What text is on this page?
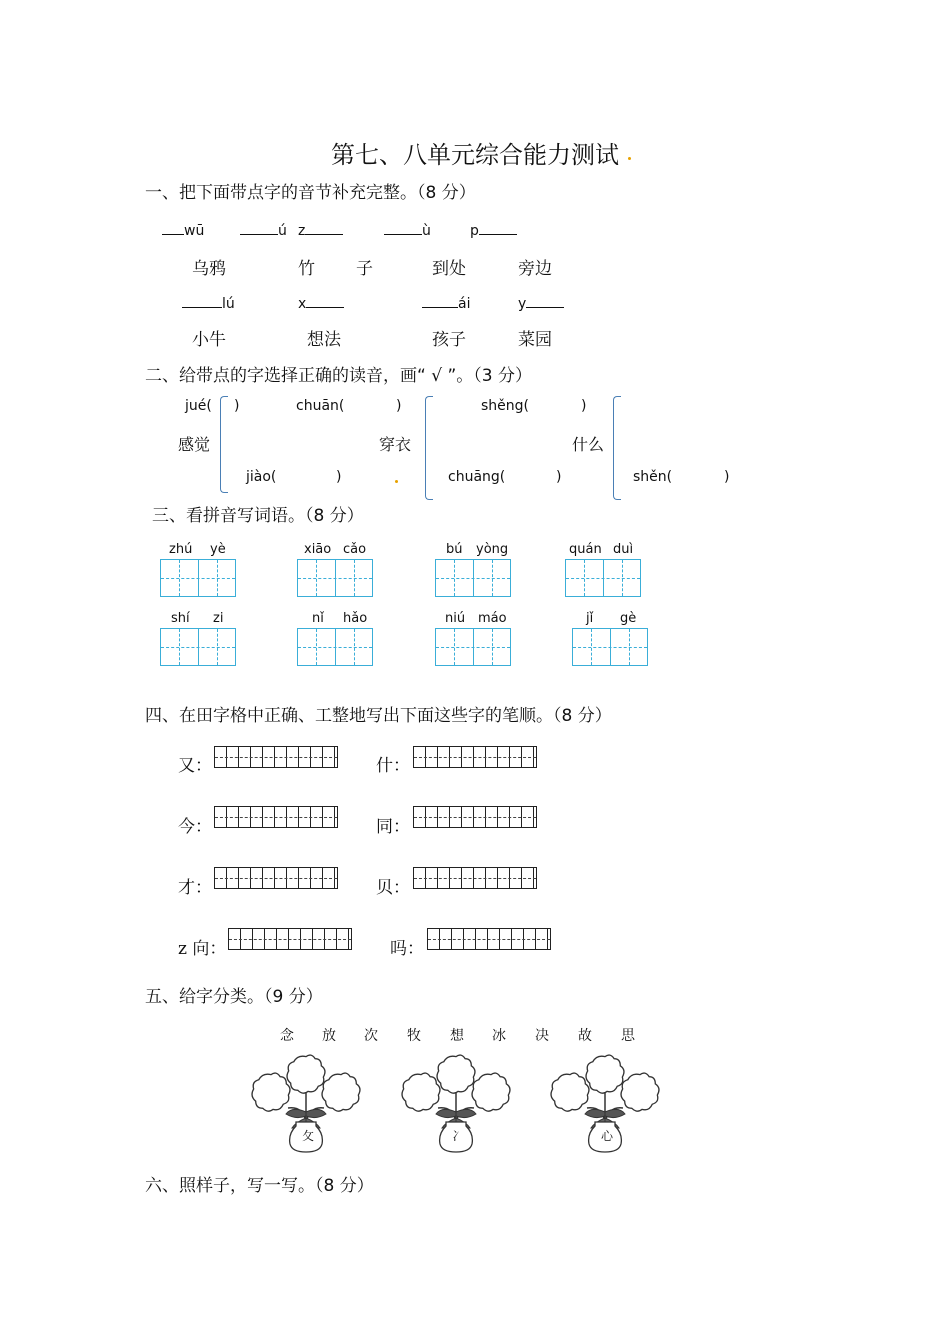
第七、八单元综合能力测试
一、把下面带点字的音节补充完整。（8 分）
wū	ú z	ù	p
乌鸦	竹 子	到处	旁边
lú	x	ái	y
小牛	想法	孩子	菜园
二、给带点的字选择正确的读音，画“ √ ”。（3 分）
jué( )
感觉
jiào(	)
chuān(	)
穿衣
chuāng(	)
shěng(	)
什么
shěn(	)
三、看拼音写词语。（8 分）
zhú yè	xiāo cǎo	bú yòng	quán duì
shí zi	nǐ hǎo	niú máo	jǐ gè
四、在田字格中正确、工整地写出下面这些字的笔顺。（8 分）
又：	什：
今：	同：
才：	贝：
z 向：	吗：
五、给字分类。（9 分）
念 放 次 牧 想 冰 决 故 思
攵	冫	心
六、照样子，写一写。（8 分）
